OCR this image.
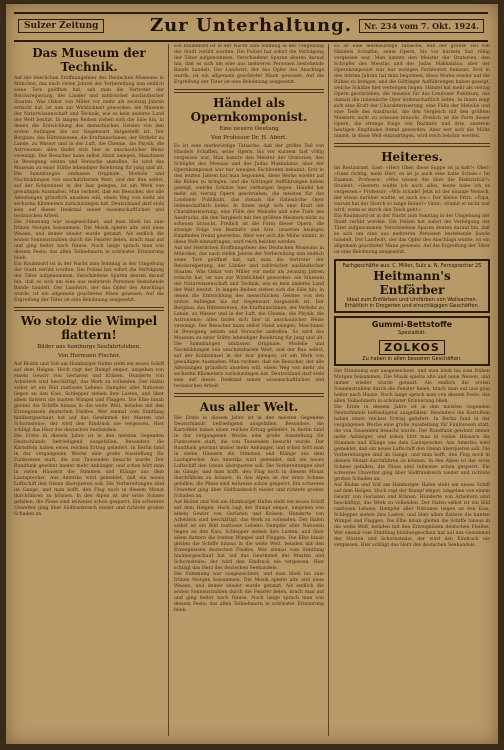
Sulzer Zeitung	Zur Unterhaltung.	Nr. 234 vom 7. Okt. 1924.
Das Museum der Technik.
Auf der feierlichen Ersffnungsfeier des Deutschen Museums in München, das nach vielen Jahren der Vorbereitung nun endlich seine Tore geöffnet hat, sah man die Vertreter der Reichsregierung, der Länder und zahlreicher ausländischer Staaten. Was Oskar von Miller vor mehr als zwanzig Jahren erdacht hat, ist nun zur Wirklichkeit geworden: ein Museum der Naturwissenschaft und Technik, wie es kein anderes Land der Welt besitzt. In langen Reihen ziehen sich die Säle hin, in denen die Entwicklung des menschlichen Geistes von den ersten Anfängen bis zur Gegenwart dargestellt ist. Der Bergbau, das Hüttenwesen, die Kraftmaschinen, der Verkehr zu Lande, zu Wasser und in der Luft, die Chemie, die Physik, die Astronomie: alles findet sich hier in anschaulicher Weise vereinigt. Der Besucher kann selbst Hand anlegen, Maschinen in Bewegung setzen und Versuche anstellen. So wird das Museum zu einer Stätte lebendiger Belehrung für jung und alt. Die Sammlungen umfassen Originale, Modelle und Nachbildungen von unschätzbarem Wert, und der Bau selbst, auf der Kohleninsel in der Isar gelegen, ist ein Werk von gewaltigen Ausmaßen. Man rechnet, daß ein Besucher, der alle Abteilungen gründlich ansehen will, einen Weg von mehr als sechzehn Kilometern zurückzulegen hat. Deutschland darf stolz sein auf dieses Denkmal seiner wissenschaftlichen und technischen Arbeit.
Die Stimmung war ausgezeichnet, und man blieb bis zum frühen Morgen beisammen. Die Musik spielte alte und neue Weisen, und immer wieder wurde getanzt. Als endlich die ersten Sonnenstrahlen durch die Fenster fielen, brach man auf und ging heiter nach Hause. Noch lange sprach man von diesem Feste, das allen Teilnehmern in schönster Erinnerung blieb.
Ein Raubmord ist in der Nacht zum Sonntag in der Umgebung der Stadt verübt worden. Die Polizei hat sofort die Verfolgung der Täter aufgenommen. Verschiedene Spuren deuten darauf hin, daß es sich um eine aus mehreren Personen bestehende Bande handelt. Der Landwirt, der das Opfer des Anschlags wurde, ist ein allgemein geachteter Mann gewesen. Auf die Ergreifung der Täter ist eine Belohnung ausgesetzt.
Wo stolz die Wimpel flattern!
Bilder aus hamburgs Seefahrtsleben.
Von Hermann Fischer.
Auf Blohm und Voß am Hamburger Hafen steht ein neues Schiff auf dem Helgen. Hoch ragt der Rumpf empor, umgeben von einem Gewirr von Gerüsten und Kränen. Hunderte von Arbeitern sind beschäftigt, das Werk zu vollenden. Der Hafen selbst ist ein Bild rastlosen Lebens: Dampfer aller Nationen liegen an den Kais, Schlepper ziehen ihre Lasten, und über allem flattern die bunten Wimpel und Flaggen. Die Elbe hinab gleiten die Schiffe hinaus in die weite Welt, beladen mit den Erzeugnissen deutschen Fleißes. Wer einmal vom Stintfang hinübergeschaut hat auf das Gewimmel der Masten und Schornsteine, der wird den Eindruck nie vergessen. Hier schlägt das Herz des deutschen Seehandels.
Die Ernte in diesem Jahre ist in den meisten Gegenden Deutschlands befriedigend ausgefallen. Besonders die Kartoffeln haben einen reichen Ertrag geliefert. In Berlin fand in der vergangenen Woche eine große Ausstellung für Funkwesen statt, die von Tausenden besucht wurde. Der Rundfunk gewinnt immer mehr Anhänger, und schon hört man in vielen Häusern die Stimmen und Klänge aus dem Lautsprecher. Aus Amerika wird gemeldet, daß ein neues Luftschiff den Ozean überqueren soll. Die Vorbereitungen sind im Gange, und man hofft, den Flug noch in diesem Monat durchführen zu können. In den Alpen ist der erste Schnee gefallen; die Pässe sind teilweise schon gesperrt. Ein schweres Unwetter ging über Südfrankreich nieder und richtete großen Schaden an.
Ein Raubmord ist in der Nacht zum Sonntag in der Umgebung der Stadt verübt worden. Die Polizei hat sofort die Verfolgung der Täter aufgenommen. Verschiedene Spuren deuten darauf hin, daß es sich um eine aus mehreren Personen bestehende Bande handelt. Der Landwirt, der das Opfer des Anschlags wurde, ist ein allgemein geachteter Mann gewesen. Auf die Ergreifung der Täter ist eine Belohnung ausgesetzt.
Händel als Opernkomponist.
Eine neuere Deutung
Von Professor Dr. H. Abert.
Es ist eine merkwürdige Tatsache, daß der größte Teil von Händels Schaffen, seine Opern, bis vor kurzem fast völlig vergessen war. Man kannte den Meister der Oratorien, den Schöpfer des Messias und des Judas Makkabäus, aber der Opernkomponist war nur wenigen Fachleuten bekannt. Erst in den letzten Jahren hat man begonnen, diese Werke wieder auf die Bühne zu bringen, und die Göttinger Aufführungen haben gezeigt, welche Schätze hier verborgen liegen. Händel hat mehr als vierzig Opern geschrieben, die meisten für das Londoner Publikum, das damals die italienische Oper leidenschaftlich liebte. In ihnen zeigt sich eine Kraft der Charakterisierung, eine Fülle der Melodie und eine Tiefe des Ausdrucks, die den Vergleich mit den größten Meistern nicht zu scheuen braucht. Freilich ist die Form dieser Opern, die strenge Folge von Rezitativ und Arie, unserem heutigen Empfinden fremd geworden. Aber wer sich die Mühe nimmt, in diese Welt einzudringen, wird reich belohnt werden.
Auf der feierlichen Ersffnungsfeier des Deutschen Museums in München, das nach vielen Jahren der Vorbereitung nun endlich seine Tore geöffnet hat, sah man die Vertreter der Reichsregierung, der Länder und zahlreicher ausländischer Staaten. Was Oskar von Miller vor mehr als zwanzig Jahren erdacht hat, ist nun zur Wirklichkeit geworden: ein Museum der Naturwissenschaft und Technik, wie es kein anderes Land der Welt besitzt. In langen Reihen ziehen sich die Säle hin, in denen die Entwicklung des menschlichen Geistes von den ersten Anfängen bis zur Gegenwart dargestellt ist. Der Bergbau, das Hüttenwesen, die Kraftmaschinen, der Verkehr zu Lande, zu Wasser und in der Luft, die Chemie, die Physik, die Astronomie: alles findet sich hier in anschaulicher Weise vereinigt. Der Besucher kann selbst Hand anlegen, Maschinen in Bewegung setzen und Versuche anstellen. So wird das Museum zu einer Stätte lebendiger Belehrung für jung und alt. Die Sammlungen umfassen Originale, Modelle und Nachbildungen von unschätzbarem Wert, und der Bau selbst, auf der Kohleninsel in der Isar gelegen, ist ein Werk von gewaltigen Ausmaßen. Man rechnet, daß ein Besucher, der alle Abteilungen gründlich ansehen will, einen Weg von mehr als sechzehn Kilometern zurückzulegen hat. Deutschland darf stolz sein auf dieses Denkmal seiner wissenschaftlichen und technischen Arbeit.
Aus aller Welt.
Die Ernte in diesem Jahre ist in den meisten Gegenden Deutschlands befriedigend ausgefallen. Besonders die Kartoffeln haben einen reichen Ertrag geliefert. In Berlin fand in der vergangenen Woche eine große Ausstellung für Funkwesen statt, die von Tausenden besucht wurde. Der Rundfunk gewinnt immer mehr Anhänger, und schon hört man in vielen Häusern die Stimmen und Klänge aus dem Lautsprecher. Aus Amerika wird gemeldet, daß ein neues Luftschiff den Ozean überqueren soll. Die Vorbereitungen sind im Gange, und man hofft, den Flug noch in diesem Monat durchführen zu können. In den Alpen ist der erste Schnee gefallen; die Pässe sind teilweise schon gesperrt. Ein schweres Unwetter ging über Südfrankreich nieder und richtete großen Schaden an.
Auf Blohm und Voß am Hamburger Hafen steht ein neues Schiff auf dem Helgen. Hoch ragt der Rumpf empor, umgeben von einem Gewirr von Gerüsten und Kränen. Hunderte von Arbeitern sind beschäftigt, das Werk zu vollenden. Der Hafen selbst ist ein Bild rastlosen Lebens: Dampfer aller Nationen liegen an den Kais, Schlepper ziehen ihre Lasten, und über allem flattern die bunten Wimpel und Flaggen. Die Elbe hinab gleiten die Schiffe hinaus in die weite Welt, beladen mit den Erzeugnissen deutschen Fleißes. Wer einmal vom Stintfang hinübergeschaut hat auf das Gewimmel der Masten und Schornsteine, der wird den Eindruck nie vergessen. Hier schlägt das Herz des deutschen Seehandels.
Die Stimmung war ausgezeichnet, und man blieb bis zum frühen Morgen beisammen. Die Musik spielte alte und neue Weisen, und immer wieder wurde getanzt. Als endlich die ersten Sonnenstrahlen durch die Fenster fielen, brach man auf und ging heiter nach Hause. Noch lange sprach man von diesem Feste, das allen Teilnehmern in schönster Erinnerung blieb.
Es ist eine merkwürdige Tatsache, daß der größte Teil von Händels Schaffen, seine Opern, bis vor kurzem fast völlig vergessen war. Man kannte den Meister der Oratorien, den Schöpfer des Messias und des Judas Makkabäus, aber der Opernkomponist war nur wenigen Fachleuten bekannt. Erst in den letzten Jahren hat man begonnen, diese Werke wieder auf die Bühne zu bringen, und die Göttinger Aufführungen haben gezeigt, welche Schätze hier verborgen liegen. Händel hat mehr als vierzig Opern geschrieben, die meisten für das Londoner Publikum, das damals die italienische Oper leidenschaftlich liebte. In ihnen zeigt sich eine Kraft der Charakterisierung, eine Fülle der Melodie und eine Tiefe des Ausdrucks, die den Vergleich mit den größten Meistern nicht zu scheuen braucht. Freilich ist die Form dieser Opern, die strenge Folge von Rezitativ und Arie, unserem heutigen Empfinden fremd geworden. Aber wer sich die Mühe nimmt, in diese Welt einzudringen, wird reich belohnt werden.
Heiteres.
Im Restaurant. Gast: »Herr Ober, diese Suppe ist ja kalt!« Ober: »Ganz richtig, mein Herr, es ist ja auch eine kalte Schale.« Im Examen. Professor: »Was wissen Sie über die Elektrizität?« Student: »Gestern wußte ich noch alles, heute habe ich es vergessen.« Professor: »Wie schade! Jetzt ist der einzige Mensch, der etwas darüber wußte, es auch los.« Der kleine Fritz: »Papa, warum hat der Storch so lange Beine?« Vater: »Damit er nicht naß wird, wenn er durch den Teich geht.«
Ein Raubmord ist in der Nacht zum Sonntag in der Umgebung der Stadt verübt worden. Die Polizei hat sofort die Verfolgung der Täter aufgenommen. Verschiedene Spuren deuten darauf hin, daß es sich um eine aus mehreren Personen bestehende Bande handelt. Der Landwirt, der das Opfer des Anschlags wurde, ist ein allgemein geachteter Mann gewesen. Auf die Ergreifung der Täter ist eine Belohnung ausgesetzt.
Fachgeschäfte aus: C. Miller, Sulz a. N. Fernsprecher 25
Heitmann's Entfärber
Ideal zum Entfärben und Umfärben von Wollsachen.
Erhältlich in Drogerien und einschlägigen Geschäften.
Gummi-Bettstoffe
Spezialität:
ZOLKOS
Zu haben in allen besseren Geschäften.
Die Stimmung war ausgezeichnet, und man blieb bis zum frühen Morgen beisammen. Die Musik spielte alte und neue Weisen, und immer wieder wurde getanzt. Als endlich die ersten Sonnenstrahlen durch die Fenster fielen, brach man auf und ging heiter nach Hause. Noch lange sprach man von diesem Feste, das allen Teilnehmern in schönster Erinnerung blieb.
Die Ernte in diesem Jahre ist in den meisten Gegenden Deutschlands befriedigend ausgefallen. Besonders die Kartoffeln haben einen reichen Ertrag geliefert. In Berlin fand in der vergangenen Woche eine große Ausstellung für Funkwesen statt, die von Tausenden besucht wurde. Der Rundfunk gewinnt immer mehr Anhänger, und schon hört man in vielen Häusern die Stimmen und Klänge aus dem Lautsprecher. Aus Amerika wird gemeldet, daß ein neues Luftschiff den Ozean überqueren soll. Die Vorbereitungen sind im Gange, und man hofft, den Flug noch in diesem Monat durchführen zu können. In den Alpen ist der erste Schnee gefallen; die Pässe sind teilweise schon gesperrt. Ein schweres Unwetter ging über Südfrankreich nieder und richtete großen Schaden an.
Auf Blohm und Voß am Hamburger Hafen steht ein neues Schiff auf dem Helgen. Hoch ragt der Rumpf empor, umgeben von einem Gewirr von Gerüsten und Kränen. Hunderte von Arbeitern sind beschäftigt, das Werk zu vollenden. Der Hafen selbst ist ein Bild rastlosen Lebens: Dampfer aller Nationen liegen an den Kais, Schlepper ziehen ihre Lasten, und über allem flattern die bunten Wimpel und Flaggen. Die Elbe hinab gleiten die Schiffe hinaus in die weite Welt, beladen mit den Erzeugnissen deutschen Fleißes. Wer einmal vom Stintfang hinübergeschaut hat auf das Gewimmel der Masten und Schornsteine, der wird den Eindruck nie vergessen. Hier schlägt das Herz des deutschen Seehandels.
